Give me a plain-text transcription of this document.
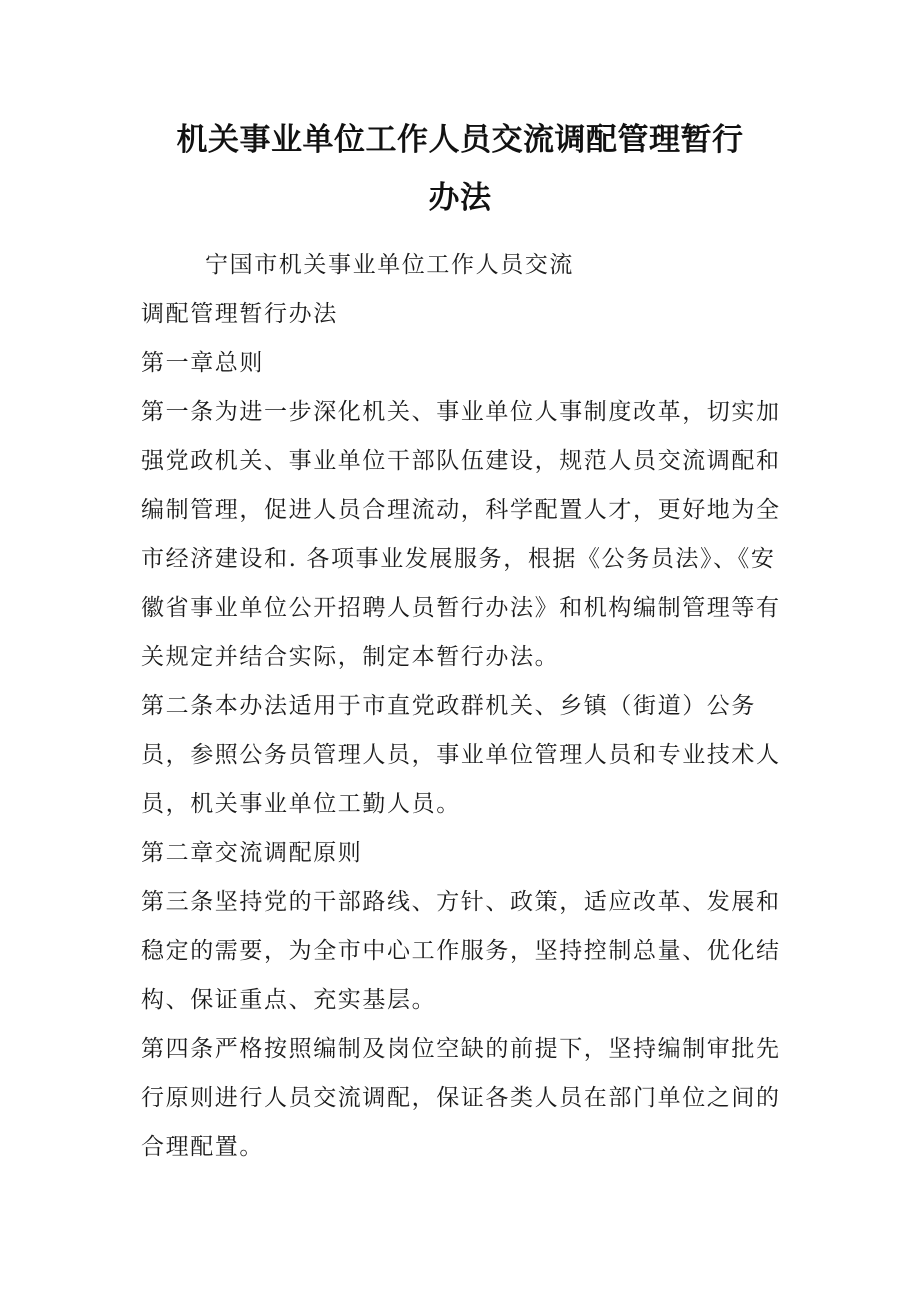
机关事业单位工作人员交流调配管理暂行
办法

宁国市机关事业单位工作人员交流

调配管理暂行办法

第一章总则

第一条为进一步深化机关、事业单位人事制度改革，切实加强党政机关、事业单位干部队伍建设，规范人员交流调配和编制管理，促进人员合理流动，科学配置人才，更好地为全市经济建设和. 各项事业发展服务，根据《公务员法》、《安徽省事业单位公开招聘人员暂行办法》和机构编制管理等有关规定并结合实际，制定本暂行办法。

第二条本办法适用于市直党政群机关、乡镇（街道）公务员，参照公务员管理人员，事业单位管理人员和专业技术人员，机关事业单位工勤人员。

第二章交流调配原则

第三条坚持党的干部路线、方针、政策，适应改革、发展和稳定的需要，为全市中心工作服务，坚持控制总量、优化结构、保证重点、充实基层。

第四条严格按照编制及岗位空缺的前提下，坚持编制审批先行原则进行人员交流调配，保证各类人员在部门单位之间的合理配置。
